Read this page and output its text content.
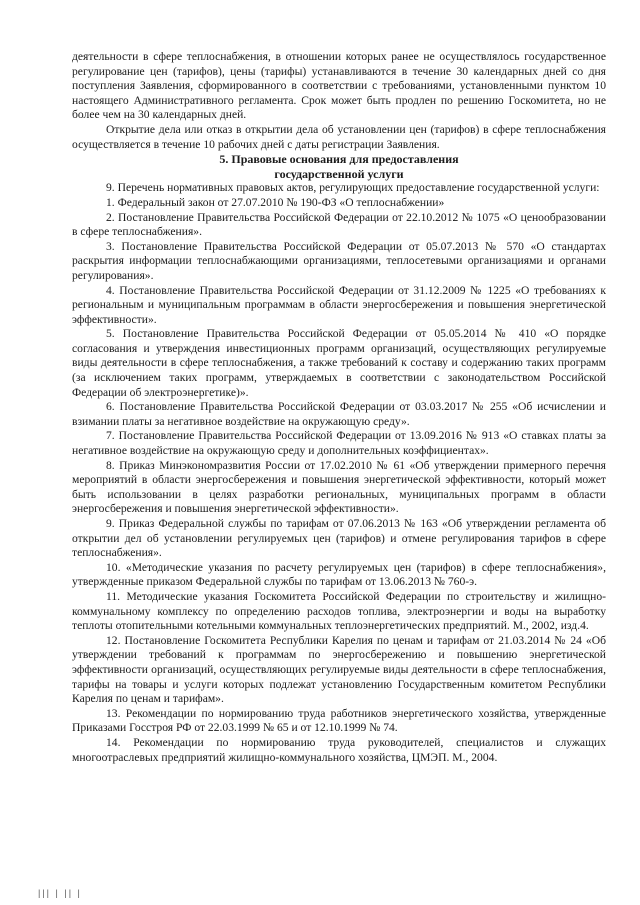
деятельности в сфере теплоснабжения, в отношении которых ранее не осуществлялось государственное регулирование цен (тарифов), цены (тарифы) устанавливаются в течение 30 календарных дней со дня поступления Заявления, сформированного в соответствии с требованиями, установленными пунктом 10 настоящего Административного регламента. Срок может быть продлен по решению Госкомитета, но не более чем на 30 календарных дней.

Открытие дела или отказ в открытии дела об установлении цен (тарифов) в сфере теплоснабжения осуществляется в течение 10 рабочих дней с даты регистрации Заявления.

5. Правовые основания для предоставления

государственной услуги

9. Перечень нормативных правовых актов, регулирующих предоставление государственной услуги:

1. Федеральный закон от 27.07.2010 № 190-ФЗ «О теплоснабжении»

2. Постановление Правительства Российской Федерации от 22.10.2012 № 1075 «О ценообразовании в сфере теплоснабжения».

3. Постановление Правительства Российской Федерации от 05.07.2013 № 570 «О стандартах раскрытия информации теплоснабжающими организациями, теплосетевыми организациями и органами регулирования».

4. Постановление Правительства Российской Федерации от 31.12.2009 № 1225 «О требованиях к региональным и муниципальным программам в области энергосбережения и повышения энергетической эффективности».

5. Постановление Правительства Российской Федерации от 05.05.2014 № 410 «О порядке согласования и утверждения инвестиционных программ организаций, осуществляющих регулируемые виды деятельности в сфере теплоснабжения, а также требований к составу и содержанию таких программ (за исключением таких программ, утверждаемых в соответствии с законодательством Российской Федерации об электроэнергетике)».

6. Постановление Правительства Российской Федерации от 03.03.2017 № 255 «Об исчислении и взимании платы за негативное воздействие на окружающую среду».

7. Постановление Правительства Российской Федерации от 13.09.2016 № 913 «О ставках платы за негативное воздействие на окружающую среду и дополнительных коэффициентах».

8. Приказ Минэкономразвития России от 17.02.2010 № 61 «Об утверждении примерного перечня мероприятий в области энергосбережения и повышения энергетической эффективности, который может быть использовании в целях разработки региональных, муниципальных программ в области энергосбережения и повышения энергетической эффективности».

9. Приказ Федеральной службы по тарифам от 07.06.2013 № 163 «Об утверждении регламента об открытии дел об установлении регулируемых цен (тарифов) и отмене регулирования тарифов в сфере теплоснабжения».

10. «Методические указания по расчету регулируемых цен (тарифов) в сфере теплоснабжения», утвержденные приказом Федеральной службы по тарифам от 13.06.2013 № 760-э.

11. Методические указания Госкомитета Российской Федерации по строительству и жилищно-коммунальному комплексу по определению расходов топлива, электроэнергии и воды на выработку теплоты отопительными котельными коммунальных теплоэнергетических предприятий. М., 2002, изд.4.

12. Постановление Госкомитета Республики Карелия по ценам и тарифам от 21.03.2014 № 24 «Об утверждении требований к программам по энергосбережению и повышению энергетической эффективности организаций, осуществляющих регулируемые виды деятельности в сфере теплоснабжения, тарифы на товары и услуги которых подлежат установлению Государственным комитетом Республики Карелия по ценам и тарифам».

13. Рекомендации по нормированию труда работников энергетического хозяйства, утвержденные Приказами Госстроя РФ от 22.03.1999 № 65 и от 12.10.1999 № 74.

14. Рекомендации по нормированию труда руководителей, специалистов и служащих многоотраслевых предприятий жилищно-коммунального хозяйства, ЦМЭП. М., 2004.

||| | || |
